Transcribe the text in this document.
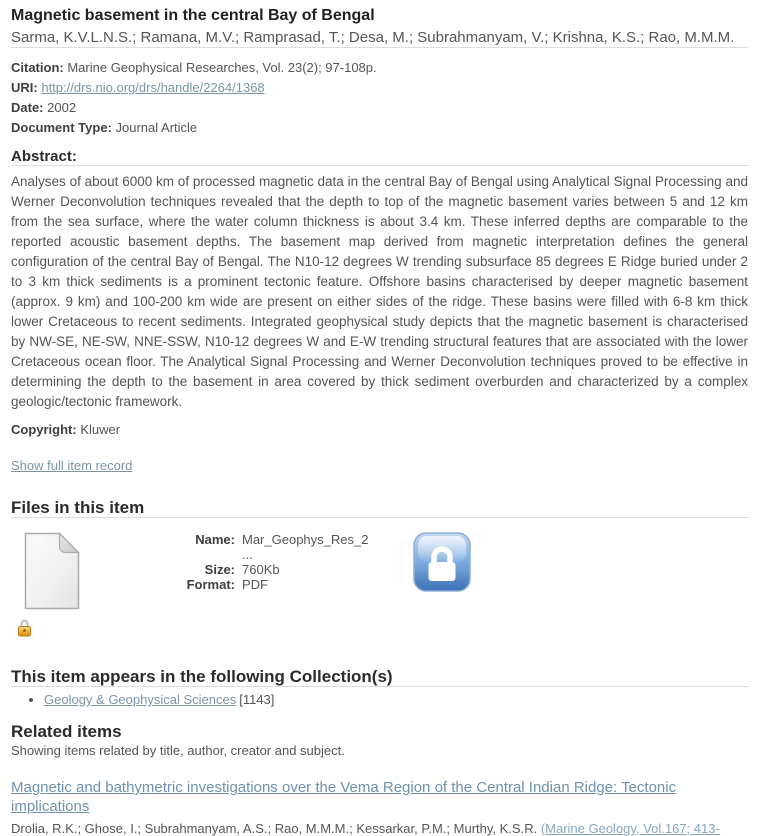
Magnetic basement in the central Bay of Bengal

Sarma, K.V.L.N.S.; Ramana, M.V.; Ramprasad, T.; Desa, M.; Subrahmanyam, V.; Krishna, K.S.; Rao, M.M.M.

Citation: Marine Geophysical Researches, Vol. 23(2); 97-108p.

URI: http://drs.nio.org/drs/handle/2264/1368

Date: 2002

Document Type: Journal Article

Abstract:

Analyses of about 6000 km of processed magnetic data in the central Bay of Bengal using Analytical Signal Processing and Werner Deconvolution techniques revealed that the depth to top of the magnetic basement varies between 5 and 12 km from the sea surface, where the water column thickness is about 3.4 km. These inferred depths are comparable to the reported acoustic basement depths. The basement map derived from magnetic interpretation defines the general configuration of the central Bay of Bengal. The N10-12 degrees W trending subsurface 85 degrees E Ridge buried under 2 to 3 km thick sediments is a prominent tectonic feature. Offshore basins characterised by deeper magnetic basement (approx. 9 km) and 100-200 km wide are present on either sides of the ridge. These basins were filled with 6-8 km thick lower Cretaceous to recent sediments. Integrated geophysical study depicts that the magnetic basement is characterised by NW-SE, NE-SW, NNE-SSW, N10-12 degrees W and E-W trending structural features that are associated with the lower Cretaceous ocean floor. The Analytical Signal Processing and Werner Deconvolution techniques proved to be effective in determining the depth to the basement in area covered by thick sediment overburden and characterized by a complex geologic/tectonic framework.

Copyright: Kluwer

Show full item record
Files in this item
Name: Mar_Geophys_Res_2 ...
Size: 760Kb
Format: PDF
This item appears in the following Collection(s)
• Geology & Geophysical Sciences [1143]
Related items

Showing items related by title, author, creator and subject.

Magnetic and bathymetric investigations over the Vema Region of the Central Indian Ridge: Tectonic implications

Drolia, R.K.; Ghose, I.; Subrahmanyam, A.S.; Rao, M.M.M.; Kessarkar, P.M.; Murthy, K.S.R. (Marine Geology, Vol.167; 413-
